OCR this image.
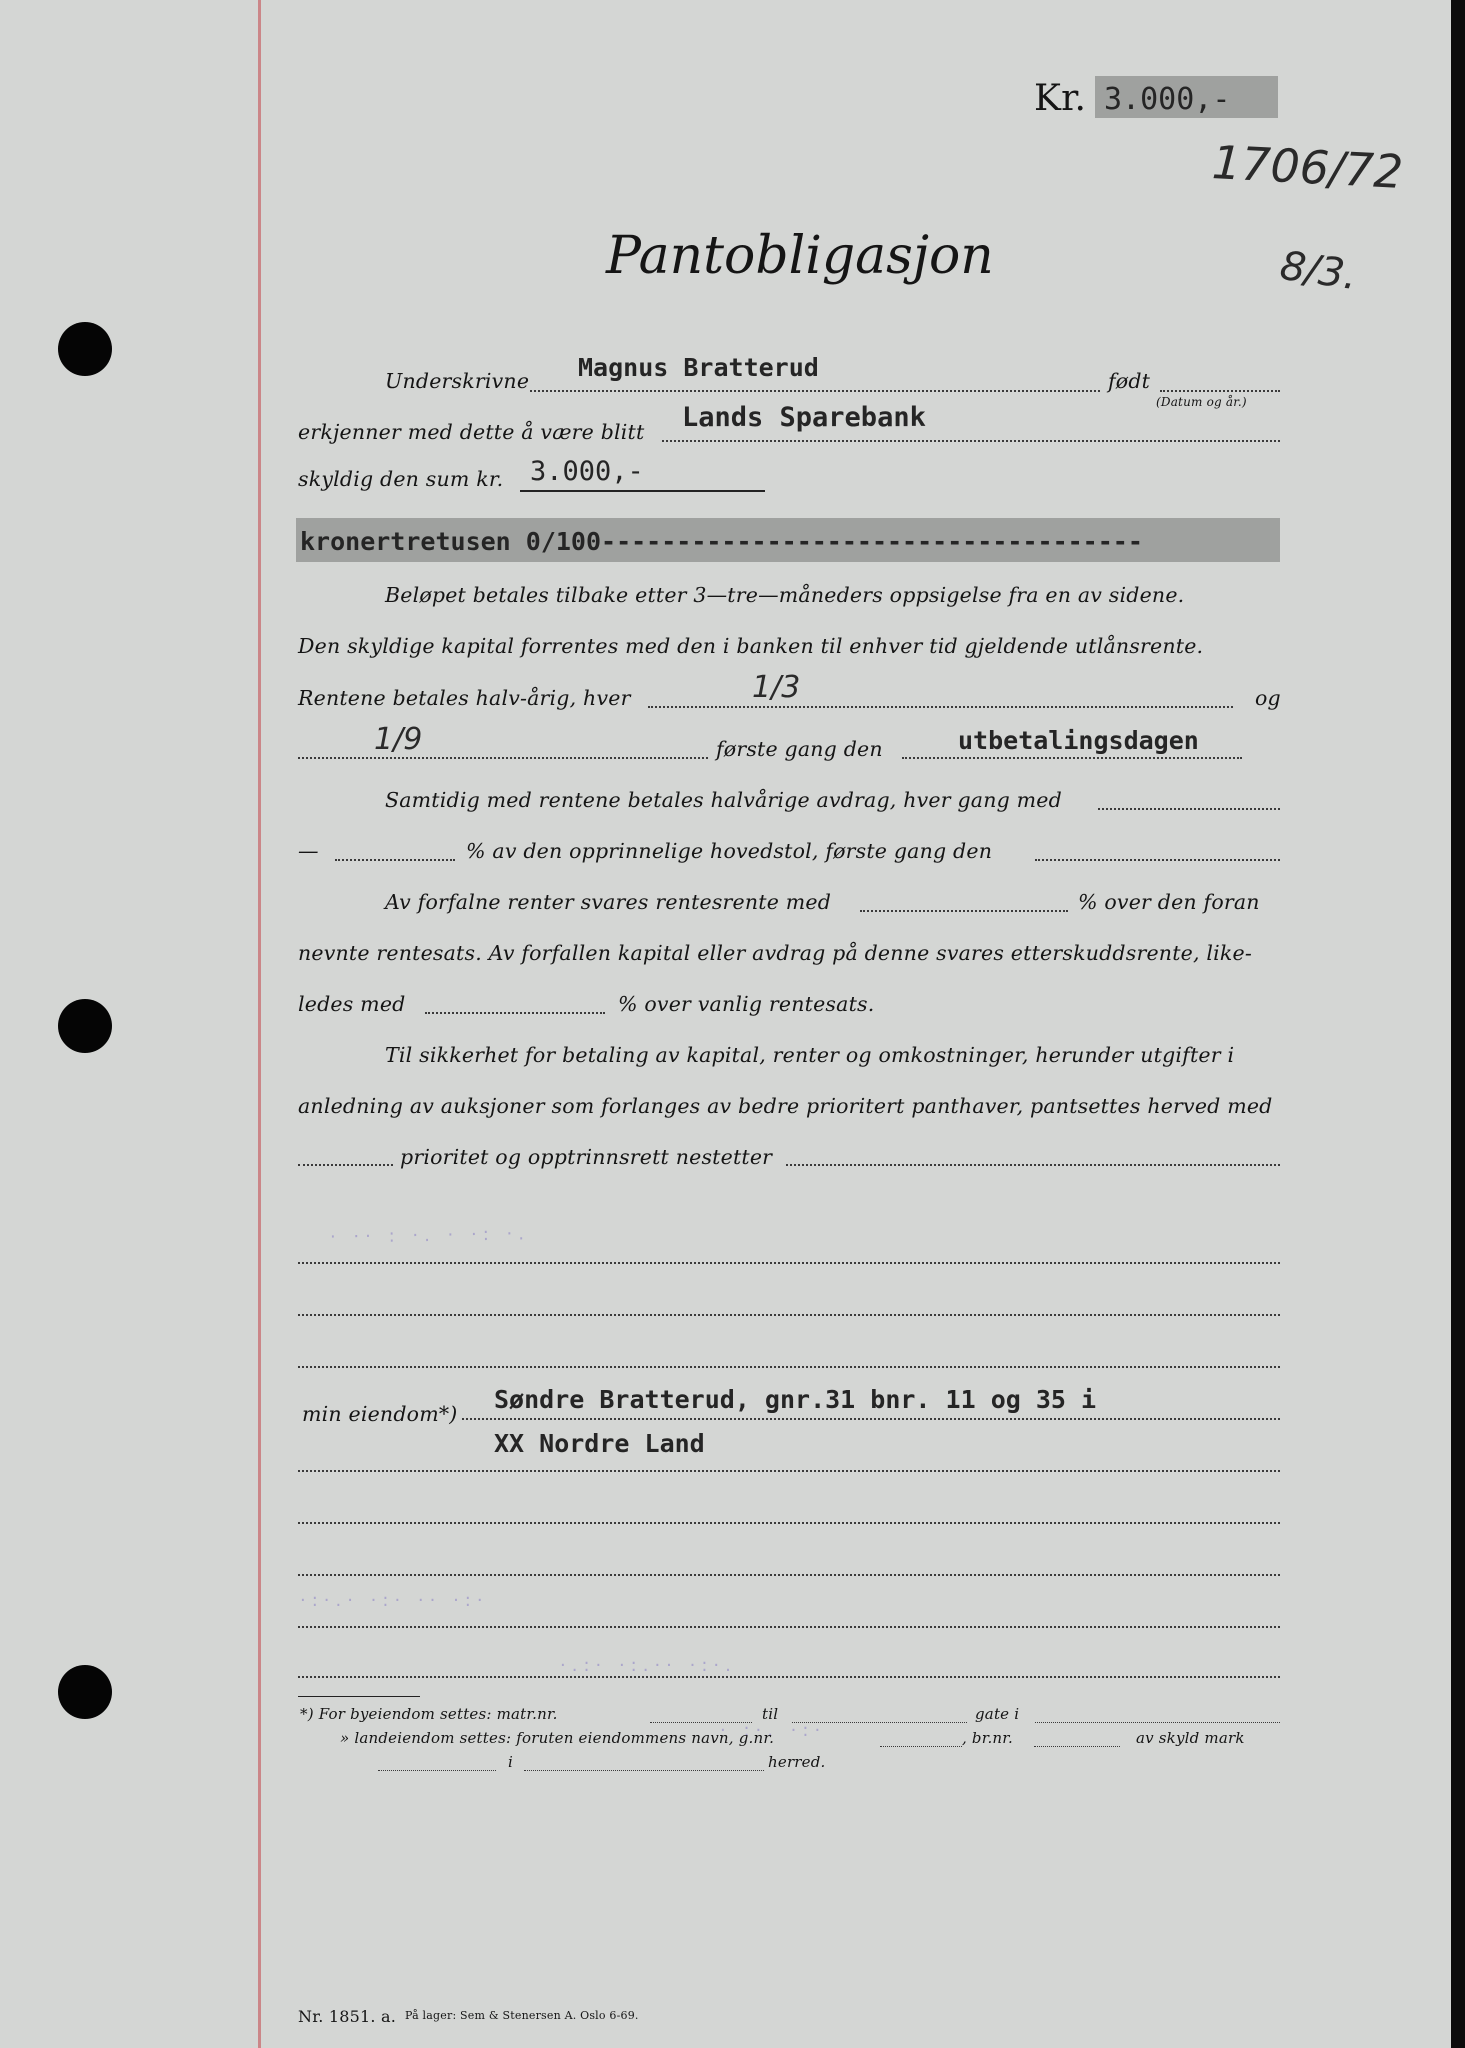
· ·· : ·. · ·: ·.
·:·.· ·:· ·· ·:·
·.:· ·:.·· ·:·.
· :·. ·:·
Kr. 3.000,-
1706/72
8/3.
Pantobligasjon
Underskrivne Magnus Bratterud	født
(Datum og år.)
erkjenner med dette å være blitt Lands Sparebank
skyldig den sum kr. 3.000,-
kronertretusen 0/100------------------------------------
Beløpet betales tilbake etter 3—tre—måneders oppsigelse fra en av sidene.
Den skyldige kapital forrentes med den i banken til enhver tid gjeldende utlånsrente.
Rentene betales halv-årig, hver	1/3	og
1/9	første gang den	utbetalingsdagen
Samtidig med rentene betales halvårige avdrag, hver gang med
—	% av den opprinnelige hovedstol, første gang den
Av forfalne renter svares rentesrente med	% over den foran
nevnte rentesats. Av forfallen kapital eller avdrag på denne svares etterskuddsrente, like-
ledes med	% over vanlig rentesats.
Til sikkerhet for betaling av kapital, renter og omkostninger, herunder utgifter i
anledning av auksjoner som forlanges av bedre prioritert panthaver, pantsettes herved med
prioritet og opptrinnsrett nestetter
min eiendom*) Søndre Bratterud, gnr.31 bnr. 11 og 35 i
XX Nordre Land
*) For byeiendom settes: matr.nr.	til	gate i
» landeiendom settes: foruten eiendommens navn, g.nr.	, br.nr.	av skyld mark
i	herred.
Nr. 1851. a. På lager: Sem & Stenersen A. Oslo 6-69.
